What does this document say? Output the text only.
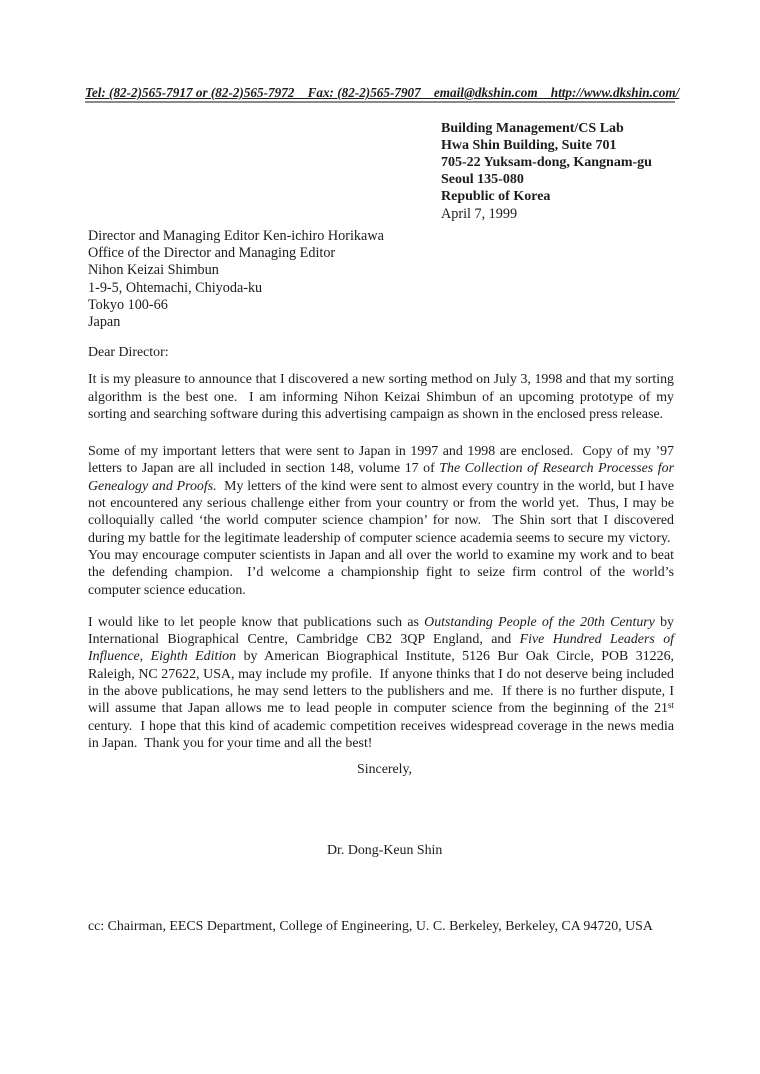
Tel: (82-2)565-7917 or (82-2)565-7972    Fax: (82-2)565-7907    email@dkshin.com    http://www.dkshin.com/
Building Management/CS Lab
Hwa Shin Building, Suite 701
705-22 Yuksam-dong, Kangnam-gu
Seoul 135-080
Republic of Korea
April 7, 1999
Director and Managing Editor Ken-ichiro Horikawa
Office of the Director and Managing Editor
Nihon Keizai Shimbun
1-9-5, Ohtemachi, Chiyoda-ku
Tokyo 100-66
Japan
Dear Director:
It is my pleasure to announce that I discovered a new sorting method on July 3, 1998 and that my sorting algorithm is the best one.  I am informing Nihon Keizai Shimbun of an upcoming prototype of my sorting and searching software during this advertising campaign as shown in the enclosed press release.
Some of my important letters that were sent to Japan in 1997 and 1998 are enclosed.  Copy of my ’97 letters to Japan are all included in section 148, volume 17 of The Collection of Research Processes for Genealogy and Proofs.  My letters of the kind were sent to almost every country in the world, but I have not encountered any serious challenge either from your country or from the world yet.  Thus, I may be colloquially called ‘the world computer science champion’ for now.  The Shin sort that I discovered during my battle for the legitimate leadership of computer science academia seems to secure my victory.  You may encourage computer scientists in Japan and all over the world to examine my work and to beat the defending champion.  I’d welcome a championship fight to seize firm control of the world’s computer science education.
I would like to let people know that publications such as Outstanding People of the 20th Century by International Biographical Centre, Cambridge CB2 3QP England, and Five Hundred Leaders of Influence, Eighth Edition by American Biographical Institute, 5126 Bur Oak Circle, POB 31226, Raleigh, NC 27622, USA, may include my profile.  If anyone thinks that I do not deserve being included in the above publications, he may send letters to the publishers and me.  If there is no further dispute, I will assume that Japan allows me to lead people in computer science from the beginning of the 21st century.  I hope that this kind of academic competition receives widespread coverage in the news media in Japan.  Thank you for your time and all the best!
Sincerely,
Dr. Dong-Keun Shin
cc: Chairman, EECS Department, College of Engineering, U. C. Berkeley, Berkeley, CA 94720, USA
